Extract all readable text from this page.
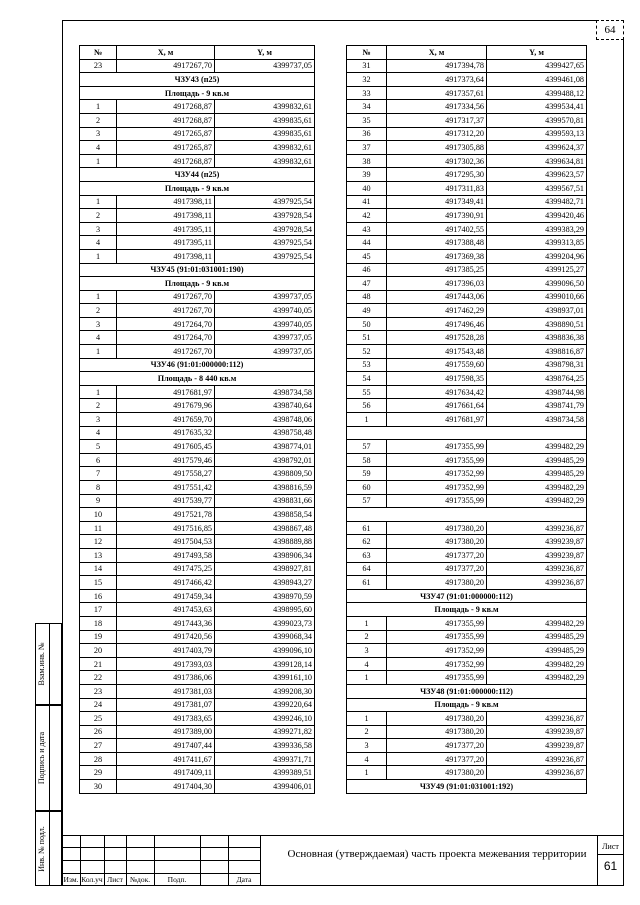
64
№	X, м	Y, м
23	4917267,70	4399737,05
ЧЗУ43 (п25)		
Площадь - 9 кв.м		
1	4917268,87	4399832,61
2	4917268,87	4399835,61
3	4917265,87	4399835,61
4	4917265,87	4399832,61
1	4917268,87	4399832,61
ЧЗУ44 (п25)		
Площадь - 9 кв.м		
1	4917398,11	4397925,54
2	4917398,11	4397928,54
3	4917395,11	4397928,54
4	4917395,11	4397925,54
1	4917398,11	4397925,54
ЧЗУ45 (91:01:031001:190)		
Площадь - 9 кв.м		
1	4917267,70	4399737,05
2	4917267,70	4399740,05
3	4917264,70	4399740,05
4	4917264,70	4399737,05
1	4917267,70	4399737,05
ЧЗУ46 (91:01:000000:112)		
Площадь - 8 440 кв.м		
1	4917681,97	4398734,58
2	4917679,96	4398740,64
3	4917659,70	4398748,06
4	4917635,32	4398758,48
5	4917605,45	4398774,01
6	4917579,46	4398792,01
7	4917558,27	4398809,50
8	4917551,42	4398816,59
9	4917539,77	4398831,66
10	4917521,78	4398858,54
11	4917516,85	4398867,48
12	4917504,53	4398889,88
13	4917493,58	4398906,34
14	4917475,25	4398927,81
15	4917466,42	4398943,27
16	4917459,34	4398970,59
17	4917453,63	4398995,60
18	4917443,36	4399023,73
19	4917420,56	4399068,34
20	4917403,79	4399096,10
21	4917393,03	4399128,14
22	4917386,06	4399161,10
23	4917381,03	4399208,30
24	4917381,07	4399220,64
25	4917383,65	4399246,10
26	4917389,00	4399271,82
27	4917407,44	4399336,58
28	4917411,67	4399371,71
29	4917409,11	4399389,51
30	4917404,30	4399406,01
№	X, м	Y, м
31	4917394,78	4399427,65
32	4917373,64	4399461,08
33	4917357,61	4399488,12
34	4917334,56	4399534,41
35	4917317,37	4399570,81
36	4917312,20	4399593,13
37	4917305,88	4399624,37
38	4917302,36	4399634,81
39	4917295,30	4399623,57
40	4917311,83	4399567,51
41	4917349,41	4399482,71
42	4917390,91	4399420,46
43	4917402,55	4399383,29
44	4917388,48	4399313,85
45	4917369,38	4399204,96
46	4917385,25	4399125,27
47	4917396,03	4399096,50
48	4917443,06	4399010,66
49	4917462,29	4398937,01
50	4917496,46	4398890,51
51	4917528,28	4398836,38
52	4917543,48	4398816,87
53	4917559,60	4398798,31
54	4917598,35	4398764,25
55	4917634,42	4398744,98
56	4917661,64	4398741,79
1	4917681,97	4398734,58

57	4917355,99	4399482,29
58	4917355,99	4399485,29
59	4917352,99	4399485,29
60	4917352,99	4399482,29
57	4917355,99	4399482,29

61	4917380,20	4399236,87
62	4917380,20	4399239,87
63	4917377,20	4399239,87
64	4917377,20	4399236,87
61	4917380,20	4399236,87
ЧЗУ47 (91:01:000000:112)		
Площадь - 9 кв.м		
1	4917355,99	4399482,29
2	4917355,99	4399485,29
3	4917352,99	4399485,29
4	4917352,99	4399482,29
1	4917355,99	4399482,29
ЧЗУ48 (91:01:000000:112)		
Площадь - 9 кв.м		
1	4917380,20	4399236,87
2	4917380,20	4399239,87
3	4917377,20	4399239,87
4	4917377,20	4399236,87
1	4917380,20	4399236,87
ЧЗУ49 (91:01:031001:192)		
Взам.инв. №
Подпись и дата
Инв. № подл.
Изм. Кол.уч Лист №док.	Подп.	Дата
Основная (утверждаемая) часть проекта межевания территории
Лист
61
